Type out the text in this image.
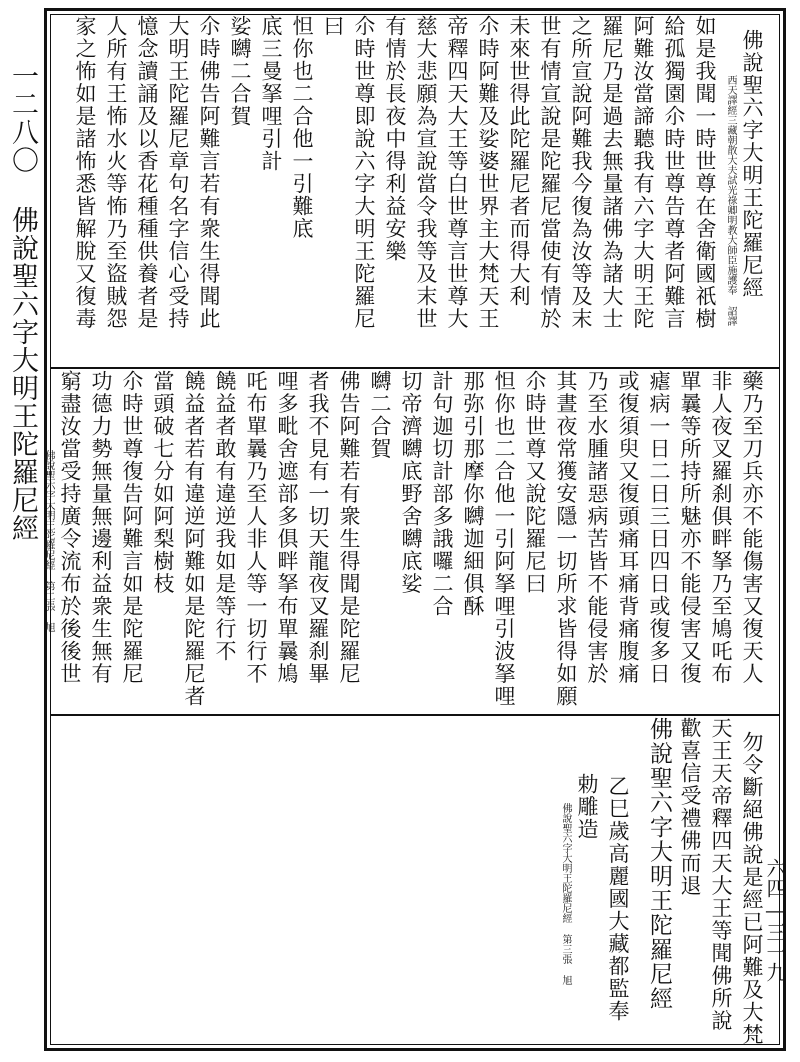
一二八〇 佛說聖六字大明王陀羅尼經
六四—三一九
佛說聖六字大明王陀羅尼經
西天譯經三藏朝散大夫試光祿卿明教大師臣施護奉 詔譯
如是我聞一時世尊在舍衛國祇樹
給孤獨園尒時世尊告尊者阿難言
阿難汝當諦聽我有六字大明王陀
羅尼乃是過去無量諸佛為諸大士
之所宣說阿難我今復為汝等及末
世有情宣說是陀羅尼當使有情於
未來世得此陀羅尼者而得大利
尒時阿難及娑婆世界主大梵天王
帝釋四天大王等白世尊言世尊大
慈大悲願為宣說當令我等及末世
有情於長夜中得利益安樂
尒時世尊即說六字大明王陀羅尼
曰
怛你也二合他一引難底
底三曼拏哩引計
娑嚩二合賀
尒時佛告阿難言若有衆生得聞此
大明王陀羅尼章句名字信心受持
憶念讀誦及以香花種種供養者是
人所有王怖水火等怖乃至盜賊怨
家之怖如是諸怖悉皆解脫又復毒
藥乃至刀兵亦不能傷害又復天人
非人夜叉羅刹俱畔拏乃至鳩吒布
單曩等所持所魅亦不能侵害又復
瘧病一日二日三日四日或復多日
或復須臾又復頭痛耳痛背痛腹痛
乃至水腫諸惡病苦皆不能侵害於
其晝夜常獲安隱一切所求皆得如願
尒時世尊又說陀羅尼曰
怛你也二合他一引阿拏哩引波拏哩
那弥引那摩你嚩迦細俱酥
計句迦切計部多誐囉二合
切帝濟嚩底野舍嚩底娑
嚩二合賀
佛告阿難若有衆生得聞是陀羅尼
者我不見有一切天龍夜叉羅刹畢
哩多毗舍遮部多俱畔拏布單曩鳩
吒布單曩乃至人非人等一切行不
饒益者敢有違逆我如是等行不
饒益者若有違逆阿難如是陀羅尼者
當頭破七分如阿梨樹枝
尒時世尊復告阿難言如是陀羅尼
功德力勢無量無邊利益衆生無有
窮盡汝當受持廣令流布於後後世
佛說聖六字大明王陀羅尼經 第二張 旭
勿令斷絕佛說是經已阿難及大梵
天王天帝釋四天大王等聞佛所說
歡喜信受禮佛而退
佛說聖六字大明王陀羅尼經
乙巳歲高麗國大藏都監奉
勅雕造
佛說聖六字大明王陀羅尼經 第三張 旭
